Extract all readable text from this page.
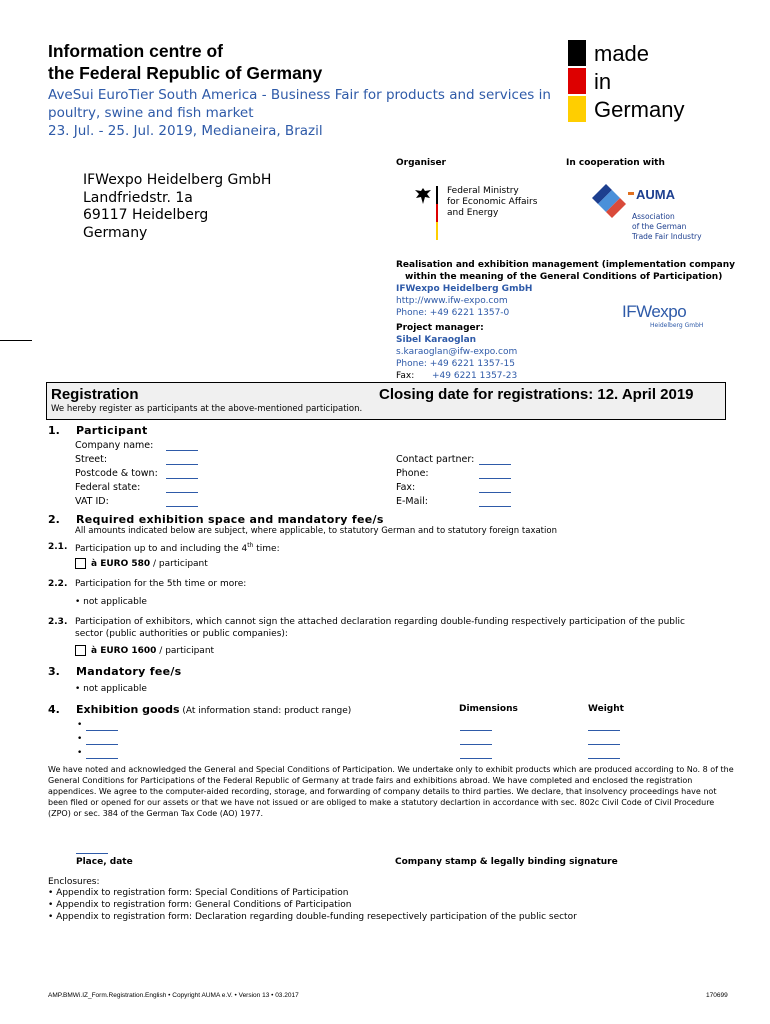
Information centre of
the Federal Republic of Germany
AveSui EuroTier South America - Business Fair for products and services in
poultry, swine and fish market
23. Jul. - 25. Jul. 2019, Medianeira, Brazil
made
in
Germany
IFWexpo Heidelberg GmbH
Landfriedstr. 1a
69117 Heidelberg
Germany
Organiser	In cooperation with
Federal Ministry
for Economic Affairs
and Energy
AUMA
Association
of the German
Trade Fair Industry
Realisation and exhibition management (implementation company
within the meaning of the General Conditions of Participation)
IFWexpo Heidelberg GmbH
http://www.ifw-expo.com
Phone: +49 6221 1357-0
Project manager:
Sibel Karaoglan
s.karaoglan@ifw-expo.com
Phone: +49 6221 1357-15
Fax: +49 6221 1357-23
IFWexpo
Heidelberg GmbH
Registration	Closing date for registrations: 12. April 2019
We hereby register as participants at the above-mentioned participation.
1. Participant
Company name:
Street:
Postcode & town:
Federal state:
VAT ID:
Contact partner:
Phone:
Fax:
E-Mail:
2. Required exhibition space and mandatory fee/s
All amounts indicated below are subject, where applicable, to statutory German and to statutory foreign taxation
2.1. Participation up to and including the 4th time:
à EURO 580 / participant
2.2. Participation for the 5th time or more:
• not applicable
2.3. Participation of exhibitors, which cannot sign the attached declaration regarding double-funding respectively participation of the public
sector (public authorities or public companies):
à EURO 1600 / participant
3. Mandatory fee/s
• not applicable
4. Exhibition goods (At information stand: product range)	Dimensions	Weight
•
•
•
We have noted and acknowledged the General and Special Conditions of Participation. We undertake only to exhibit products which are produced according to No. 8 of the
General Conditions for Participations of the Federal Republic of Germany at trade fairs and exhibitions abroad. We have completed and enclosed the registration
appendices. We agree to the computer-aided recording, storage, and forwarding of company details to third parties. We declare, that insolvency proceedings have not
been filed or opened for our assets or that we have not issued or are obliged to make a statutory declartion in accordance with sec. 802c Civil Code of Civil Procedure
(ZPO) or sec. 384 of the German Tax Code (AO) 1977.
Place, date	Company stamp & legally binding signature
Enclosures:
• Appendix to registration form: Special Conditions of Participation
• Appendix to registration form: General Conditions of Participation
• Appendix to registration form: Declaration regarding double-funding resepectively participation of the public sector
AMP.BMWi.IZ_Form.Registration.English • Copyright AUMA e.V. • Version 13 • 03.2017	170699
